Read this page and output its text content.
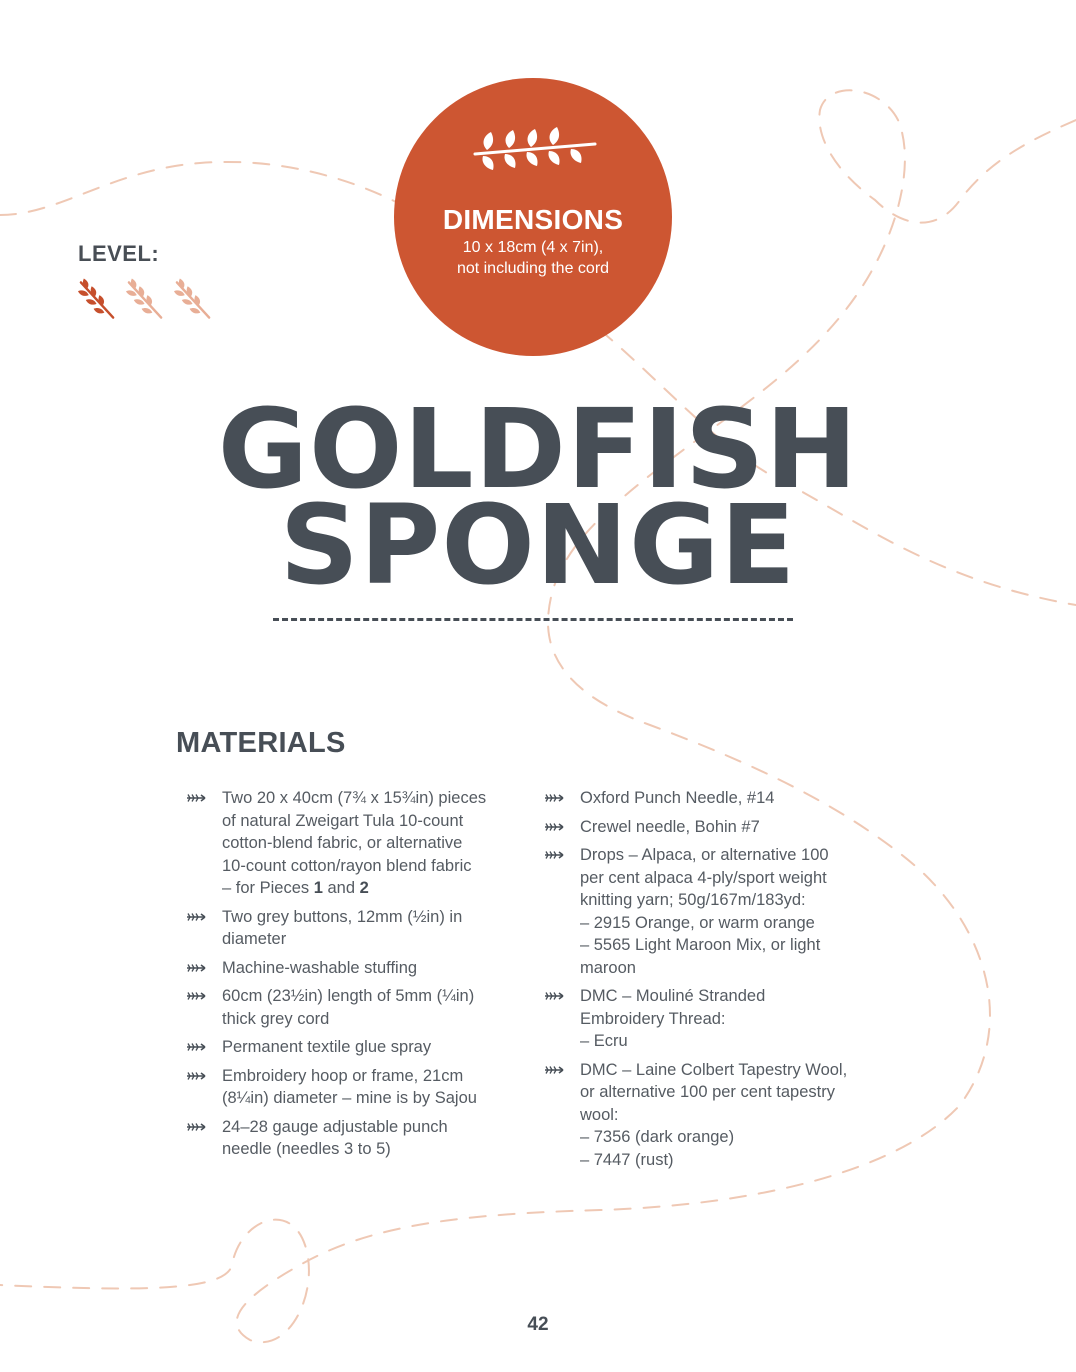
LEVEL:
DIMENSIONS
10 x 18cm (4 x 7in),
not including the cord
GOLDFISH
SPONGE
MATERIALS
Two 20 x 40cm (7¾ x 15¾in) pieces
of natural Zweigart Tula 10-count
cotton-blend fabric, or alternative
10-count cotton/rayon blend fabric
– for Pieces 1 and 2
Two grey buttons, 12mm (½in) in
diameter
Machine-washable stuffing
60cm (23½in) length of 5mm (¼in)
thick grey cord
Permanent textile glue spray
Embroidery hoop or frame, 21cm
(8¼in) diameter – mine is by Sajou
24–28 gauge adjustable punch
needle (needles 3 to 5)
Oxford Punch Needle, #14
Crewel needle, Bohin #7
Drops – Alpaca, or alternative 100
per cent alpaca 4-ply/sport weight
knitting yarn; 50g/167m/183yd:
– 2915 Orange, or warm orange
– 5565 Light Maroon Mix, or light
maroon
DMC – Mouliné Stranded
Embroidery Thread:
– Ecru
DMC – Laine Colbert Tapestry Wool,
or alternative 100 per cent tapestry
wool:
– 7356 (dark orange)
– 7447 (rust)
42
